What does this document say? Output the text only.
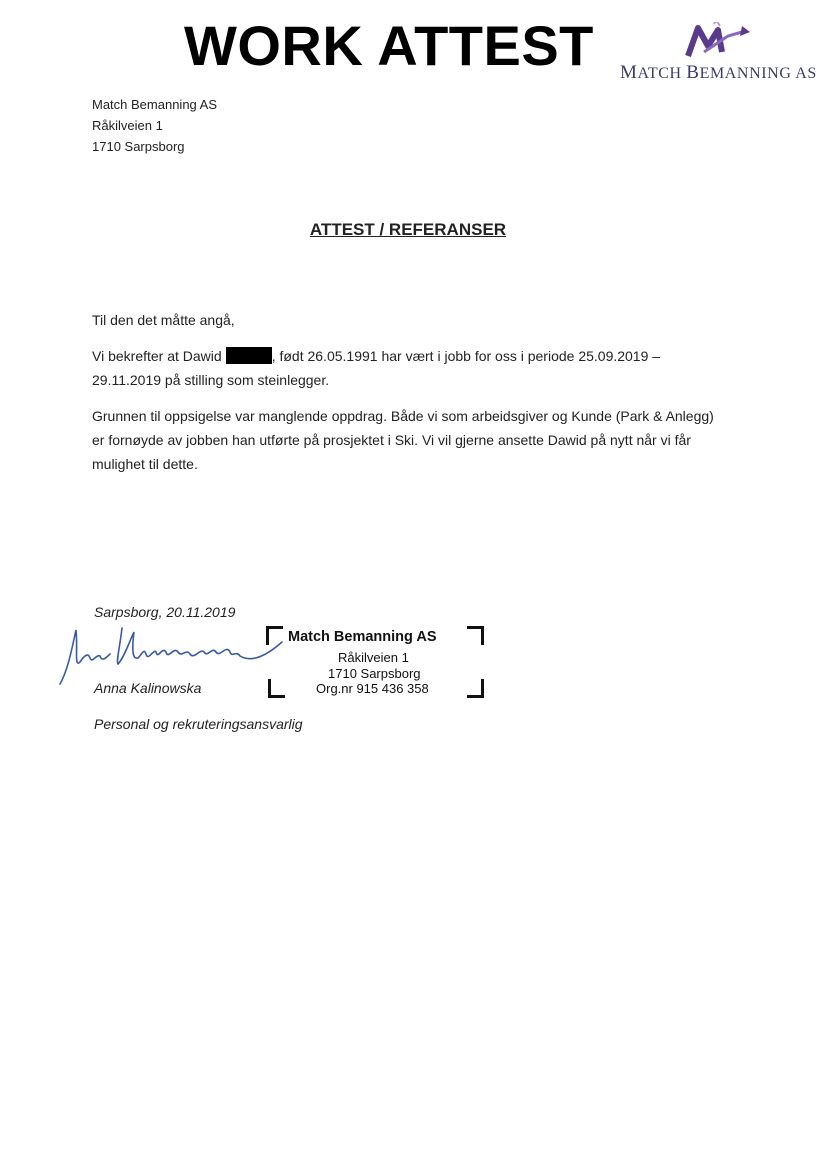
WORK ATTEST MATCH BEMANNING AS
Match Bemanning AS
Råkilveien 1
1710 Sarpsborg
ATTEST / REFERANSER
Til den det måtte angå,
Vi bekrefter at Dawid	, født 26.05.1991 har vært i jobb for oss i periode 25.09.2019 – 29.11.2019 på stilling som steinlegger.
Grunnen til oppsigelse var manglende oppdrag. Både vi som arbeidsgiver og Kunde (Park & Anlegg) er fornøyde av jobben han utførte på prosjektet i Ski. Vi vil gjerne ansette Dawid på nytt når vi får mulighet til dette.
Sarpsborg, 20.11.2019
Anna Kalinowska
Personal og rekruteringsansvarlig
Match Bemanning AS
Råkilveien 1
1710 Sarpsborg
Org.nr 915 436 358
